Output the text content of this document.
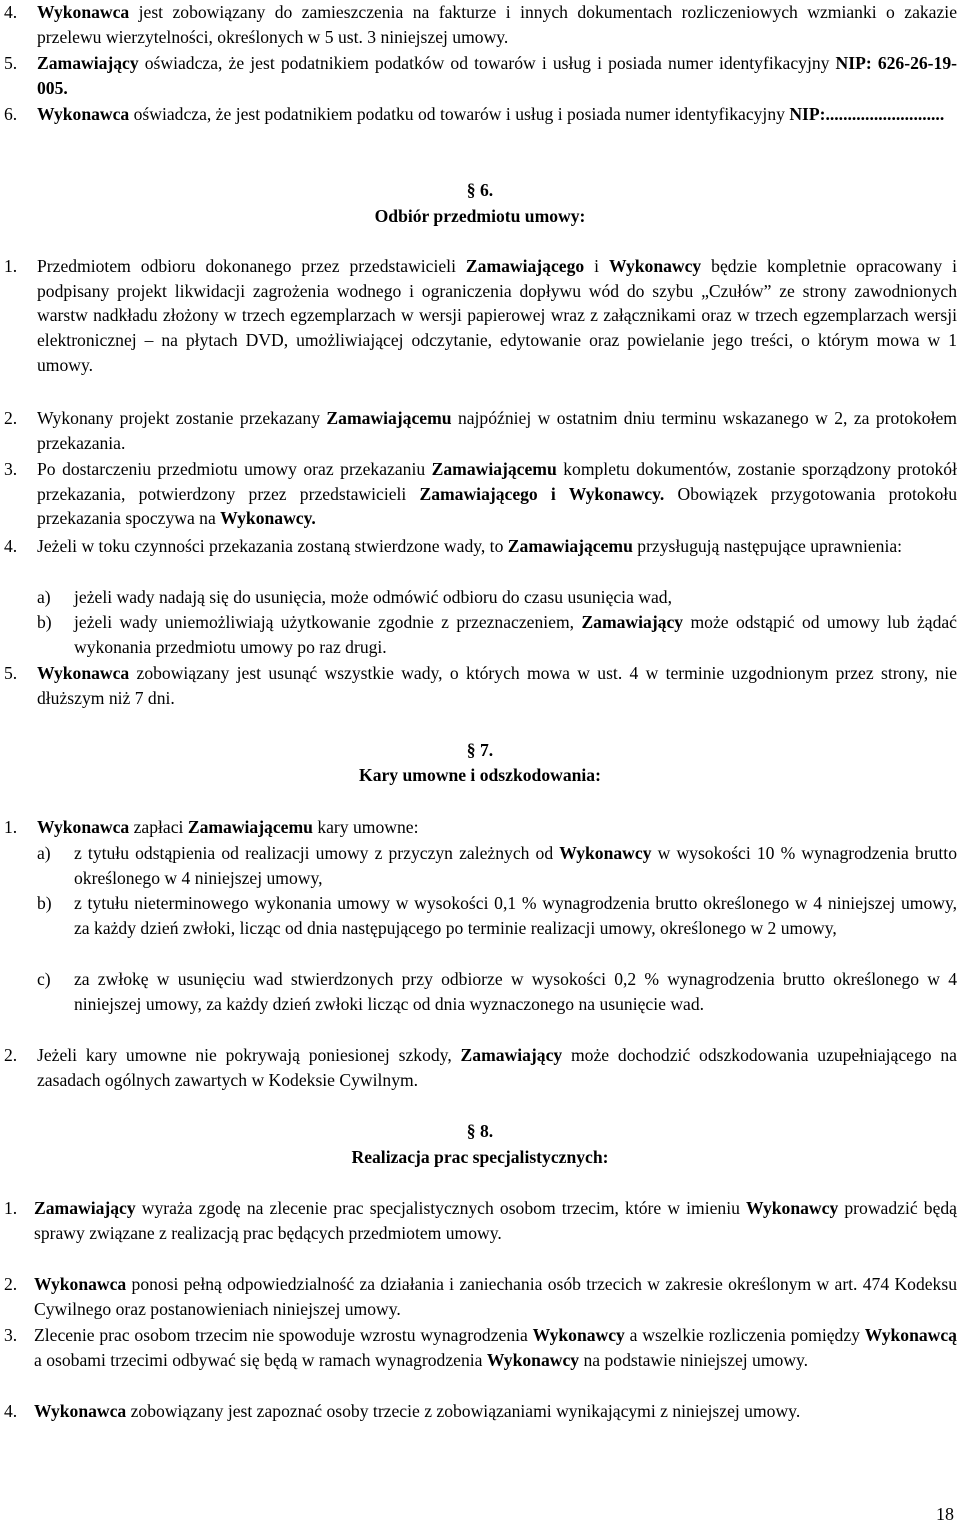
4.	Wykonawca jest zobowiązany do zamieszczenia na fakturze i innych dokumentach rozliczeniowych wzmianki o zakazie przelewu wierzytelności, określonych w 5 ust. 3 niniejszej umowy.
5.	Zamawiający oświadcza, że jest podatnikiem podatków od towarów i usług i posiada numer identyfikacyjny NIP: 626-26-19-005.
6.	Wykonawca oświadcza, że jest podatnikiem podatku od towarów i usług i posiada numer identyfikacyjny NIP:...........................
§ 6.
Odbiór przedmiotu umowy:
1.	Przedmiotem odbioru dokonanego przez przedstawicieli Zamawiającego i Wykonawcy będzie kompletnie opracowany i podpisany projekt likwidacji zagrożenia wodnego i ograniczenia dopływu wód do szybu „Czułów” ze strony zawodnionych warstw nadkładu złożony w trzech egzemplarzach w wersji papierowej wraz z załącznikami oraz w trzech egzemplarzach wersji elektronicznej – na płytach DVD, umożliwiającej odczytanie, edytowanie oraz powielanie jego treści, o którym mowa w 1 umowy.
2.	Wykonany projekt zostanie przekazany Zamawiającemu najpóźniej w ostatnim dniu terminu wskazanego w 2, za protokołem przekazania.
3.	Po dostarczeniu przedmiotu umowy oraz przekazaniu Zamawiającemu kompletu dokumentów, zostanie sporządzony protokół przekazania, potwierdzony przez przedstawicieli Zamawiającego i Wykonawcy. Obowiązek przygotowania protokołu przekazania spoczywa na Wykonawcy.
4.	Jeżeli w toku czynności przekazania zostaną stwierdzone wady, to Zamawiającemu przysługują następujące uprawnienia:
a)	jeżeli wady nadają się do usunięcia, może odmówić odbioru do czasu usunięcia wad,
b)	jeżeli wady uniemożliwiają użytkowanie zgodnie z przeznaczeniem, Zamawiający może odstąpić od umowy lub żądać wykonania przedmiotu umowy po raz drugi.
5.	Wykonawca zobowiązany jest usunąć wszystkie wady, o których mowa w ust. 4 w terminie uzgodnionym przez strony, nie dłuższym niż 7 dni.
§ 7.
Kary umowne i odszkodowania:
1.	Wykonawca zapłaci Zamawiającemu kary umowne:
a)	z tytułu odstąpienia od realizacji umowy z przyczyn zależnych od Wykonawcy w wysokości 10 % wynagrodzenia brutto określonego w 4 niniejszej umowy,
b)	z tytułu nieterminowego wykonania umowy w wysokości 0,1 % wynagrodzenia brutto określonego w 4 niniejszej umowy, za każdy dzień zwłoki, licząc od dnia następującego po terminie realizacji umowy, określonego w 2 umowy,
c)	za zwłokę w usunięciu wad stwierdzonych przy odbiorze w wysokości 0,2 % wynagrodzenia brutto określonego w 4 niniejszej umowy, za każdy dzień zwłoki licząc od dnia wyznaczonego na usunięcie wad.
2.	Jeżeli kary umowne nie pokrywają poniesionej szkody, Zamawiający może dochodzić odszkodowania uzupełniającego na zasadach ogólnych zawartych w Kodeksie Cywilnym.
§ 8.
Realizacja prac specjalistycznych:
1. Zamawiający wyraża zgodę na zlecenie prac specjalistycznych osobom trzecim, które w imieniu Wykonawcy prowadzić będą sprawy związane z realizacją prac będących przedmiotem umowy.
2. Wykonawca ponosi pełną odpowiedzialność za działania i zaniechania osób trzecich w zakresie określonym w art. 474 Kodeksu Cywilnego oraz postanowieniach niniejszej umowy.
3. Zlecenie prac osobom trzecim nie spowoduje wzrostu wynagrodzenia Wykonawcy a wszelkie rozliczenia pomiędzy Wykonawcą a osobami trzecimi odbywać się będą w ramach wynagrodzenia Wykonawcy na podstawie niniejszej umowy.
4. Wykonawca zobowiązany jest zapoznać osoby trzecie z zobowiązaniami wynikającymi z niniejszej umowy.
18
